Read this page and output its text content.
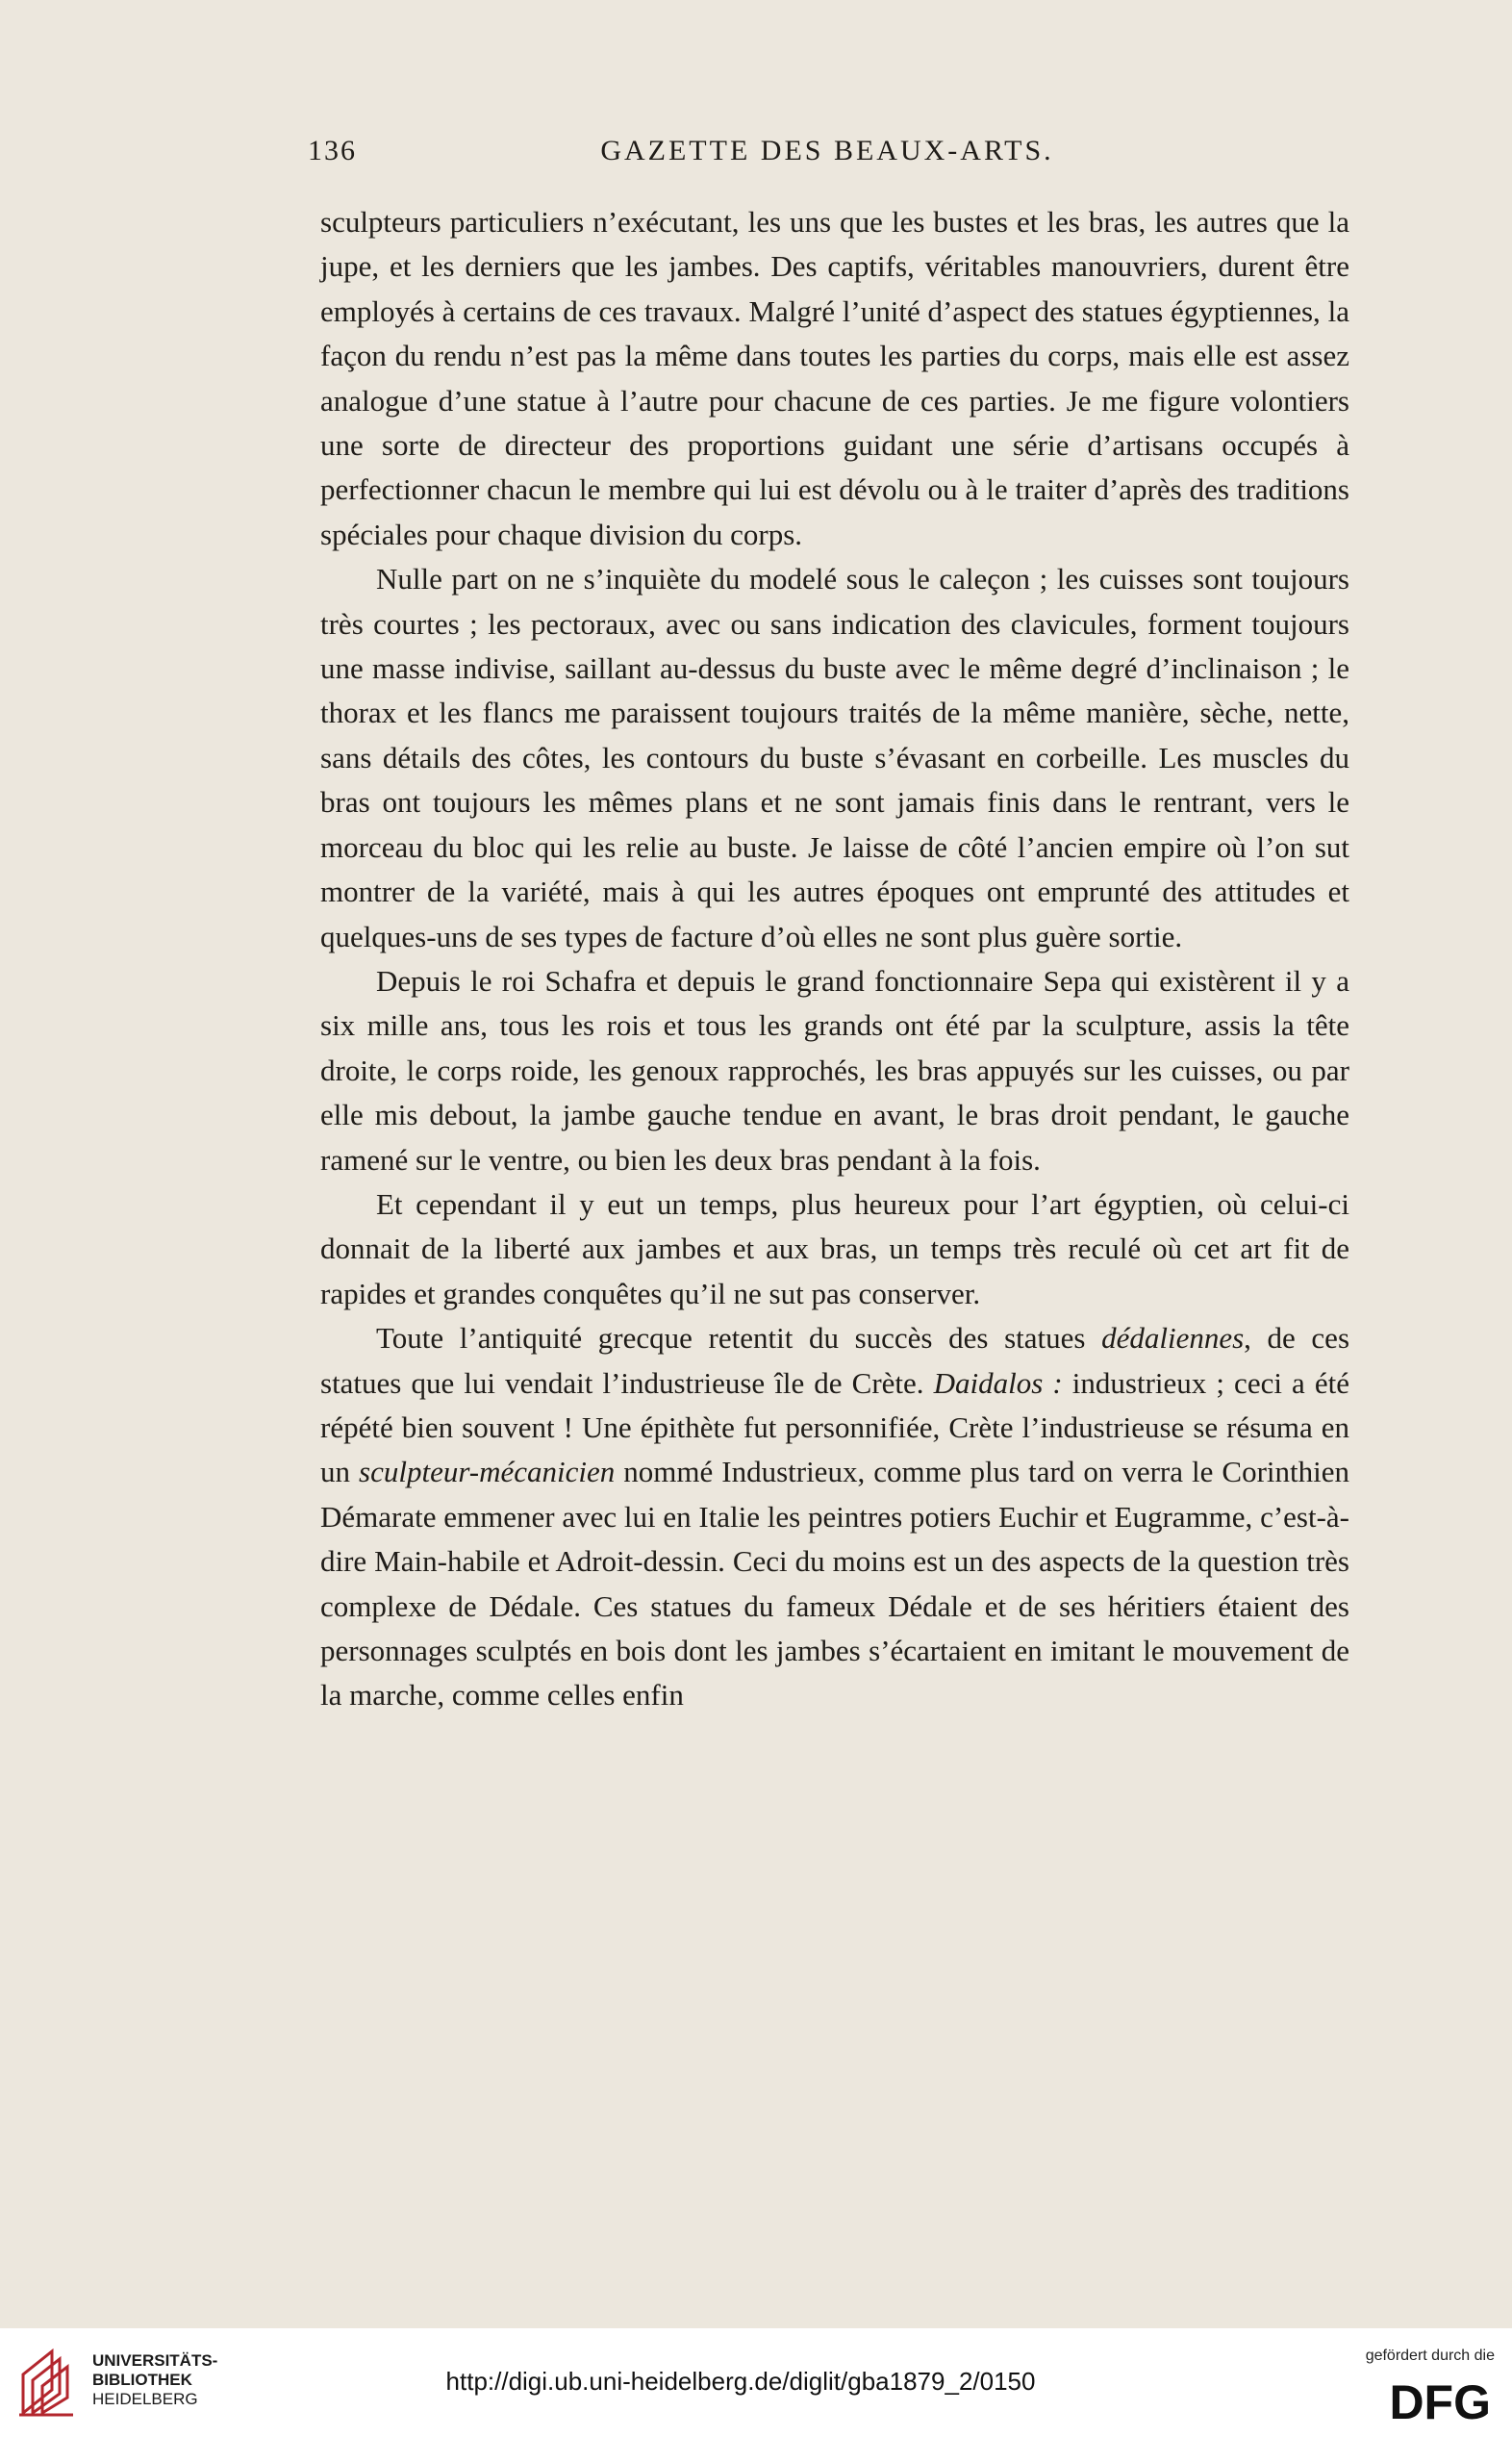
136	GAZETTE DES BEAUX-ARTS.

sculpteurs particuliers n’exécutant, les uns que les bustes et les bras, les autres que la jupe, et les derniers que les jambes. Des captifs, véritables manouvriers, durent être employés à certains de ces travaux. Malgré l’unité d’aspect des statues égyptiennes, la façon du rendu n’est pas la même dans toutes les parties du corps, mais elle est assez analogue d’une statue à l’autre pour chacune de ces parties. Je me figure volontiers une sorte de directeur des proportions guidant une série d’artisans occupés à perfectionner chacun le membre qui lui est dévolu ou à le traiter d’après des traditions spéciales pour chaque division du corps.

Nulle part on ne s’inquiète du modelé sous le caleçon ; les cuisses sont toujours très courtes ; les pectoraux, avec ou sans indication des clavicules, forment toujours une masse indivise, saillant au-dessus du buste avec le même degré d’inclinaison ; le thorax et les flancs me paraissent toujours traités de la même manière, sèche, nette, sans détails des côtes, les contours du buste s’évasant en corbeille. Les muscles du bras ont toujours les mêmes plans et ne sont jamais finis dans le rentrant, vers le morceau du bloc qui les relie au buste. Je laisse de côté l’ancien empire où l’on sut montrer de la variété, mais à qui les autres époques ont emprunté des attitudes et quelques-uns de ses types de facture d’où elles ne sont plus guère sortie.

Depuis le roi Schafra et depuis le grand fonctionnaire Sepa qui existèrent il y a six mille ans, tous les rois et tous les grands ont été par la sculpture, assis la tête droite, le corps roide, les genoux rapprochés, les bras appuyés sur les cuisses, ou par elle mis debout, la jambe gauche tendue en avant, le bras droit pendant, le gauche ramené sur le ventre, ou bien les deux bras pendant à la fois.

Et cependant il y eut un temps, plus heureux pour l’art égyptien, où celui-ci donnait de la liberté aux jambes et aux bras, un temps très reculé où cet art fit de rapides et grandes conquêtes qu’il ne sut pas conserver.

Toute l’antiquité grecque retentit du succès des statues dédaliennes, de ces statues que lui vendait l’industrieuse île de Crète. Daidalos : industrieux ; ceci a été répété bien souvent ! Une épithète fut personnifiée, Crète l’industrieuse se résuma en un sculpteur-mécanicien nommé Industrieux, comme plus tard on verra le Corinthien Démarate emmener avec lui en Italie les peintres potiers Euchir et Eugramme, c’est-à-dire Main-habile et Adroit-dessin. Ceci du moins est un des aspects de la question très complexe de Dédale. Ces statues du fameux Dédale et de ses héritiers étaient des personnages sculptés en bois dont les jambes s’écartaient en imitant le mouvement de la marche, comme celles enfin

UNIVERSITÄTS-
BIBLIOTHEK
HEIDELBERG
http://digi.ub.uni-heidelberg.de/diglit/gba1879_2/0150
gefördert durch die
DFG
